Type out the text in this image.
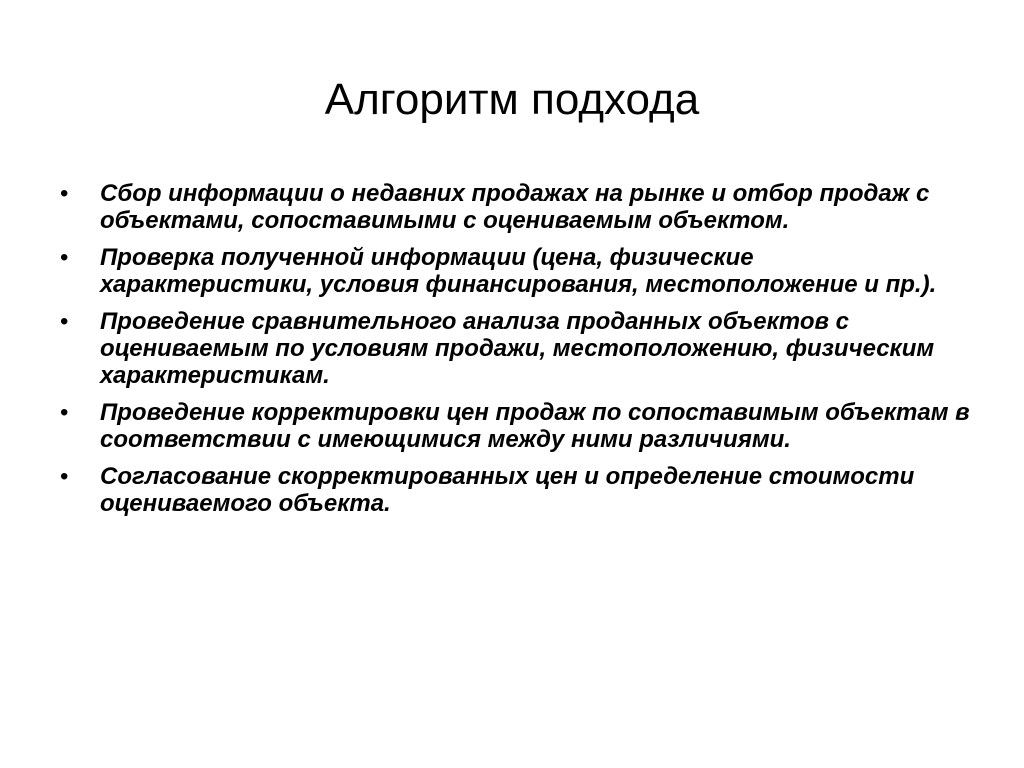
Алгоритм подхода
• Сбор информации о недавних продажах на рынке и отбор продаж с объектами, сопоставимыми с оцениваемым объектом.
• Проверка полученной информации (цена, физические характеристики, условия финансирования, местоположение и пр.).
• Проведение сравнительного анализа проданных объектов с оцениваемым по условиям продажи, местоположению, физическим характеристикам.
• Проведение корректировки цен продаж по сопоставимым объектам в соответствии с имеющимися между ними различиями.
• Согласование скорректированных цен и определение стоимости оцениваемого объекта.
